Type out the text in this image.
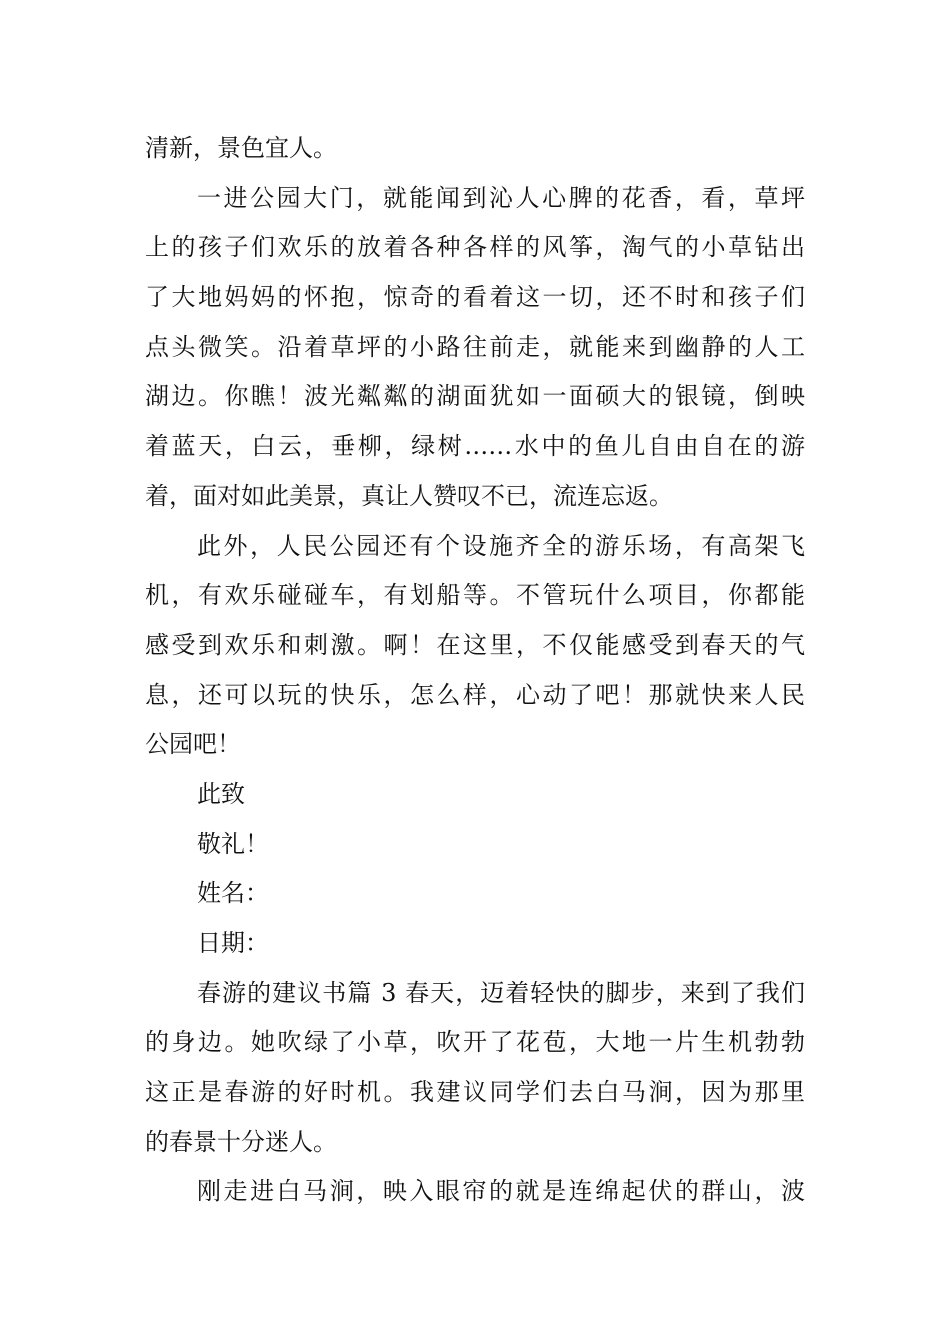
清新，景色宜人。
一进公园大门，就能闻到沁人心脾的花香，看，草坪
上的孩子们欢乐的放着各种各样的风筝，淘气的小草钻出
了大地妈妈的怀抱，惊奇的看着这一切，还不时和孩子们
点头微笑。沿着草坪的小路往前走，就能来到幽静的人工
湖边。你瞧！波光粼粼的湖面犹如一面硕大的银镜，倒映
着蓝天，白云，垂柳，绿树……水中的鱼儿自由自在的游
着，面对如此美景，真让人赞叹不已，流连忘返。
此外，人民公园还有个设施齐全的游乐场，有高架飞
机，有欢乐碰碰车，有划船等。不管玩什么项目，你都能
感受到欢乐和刺激。啊！在这里，不仅能感受到春天的气
息，还可以玩的快乐，怎么样，心动了吧！那就快来人民
公园吧！
此致
敬礼！
姓名：
日期：
春游的建议书篇 3 春天，迈着轻快的脚步，来到了我们
的身边。她吹绿了小草，吹开了花苞，大地一片生机勃勃
这正是春游的好时机。我建议同学们去白马涧，因为那里
的春景十分迷人。
刚走进白马涧，映入眼帘的就是连绵起伏的群山，波
